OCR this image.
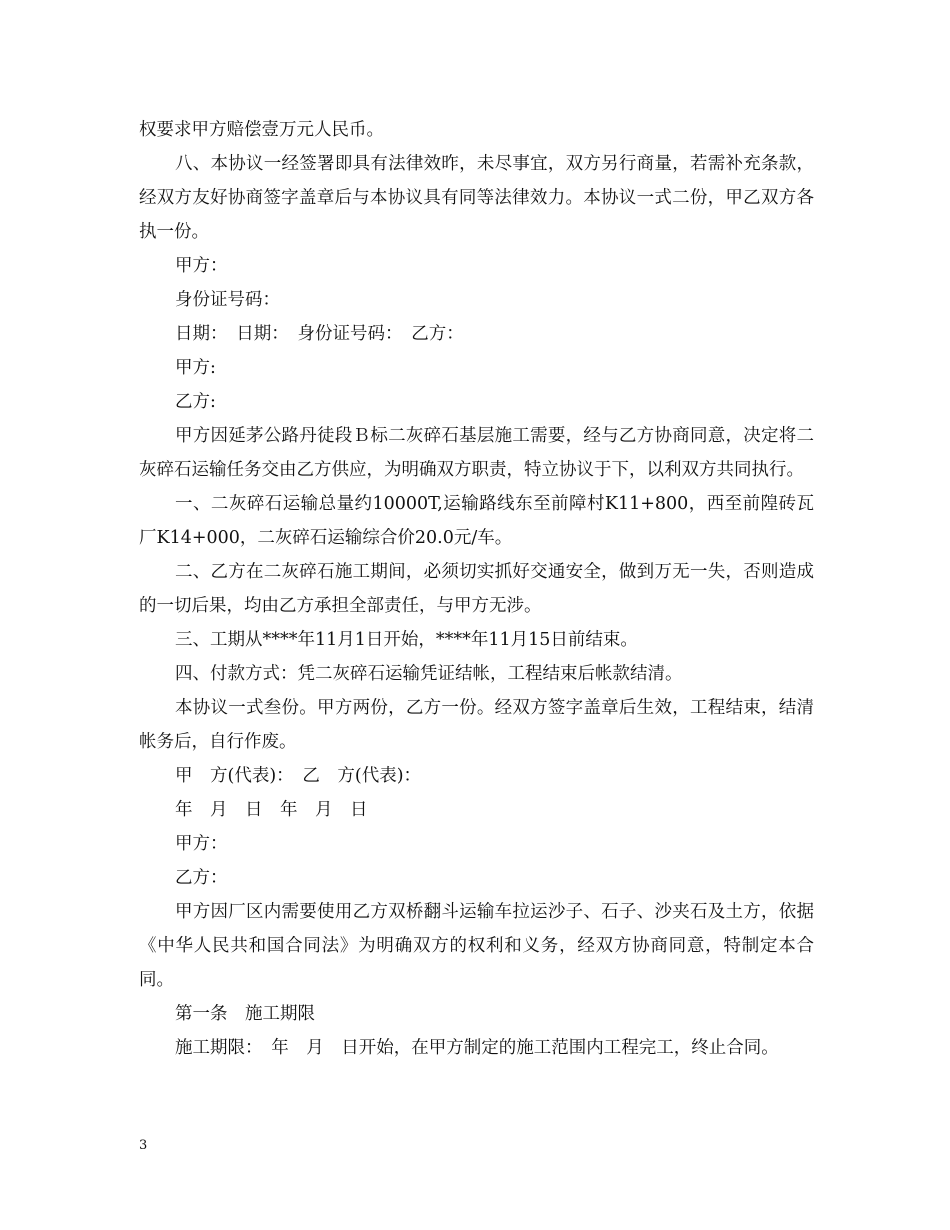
权要求甲方赔偿壹万元人民币。

八、本协议一经签署即具有法律效昨，未尽事宜，双方另行商量，若需补充条款，经双方友好协商签字盖章后与本协议具有同等法律效力。本协议一式二份，甲乙双方各执一份。

甲方：

身份证号码：

日期：　日期：　身份证号码：　乙方：

甲方:

乙方:

甲方因延茅公路丹徒段Ｂ标二灰碎石基层施工需要，经与乙方协商同意，决定将二灰碎石运输任务交由乙方供应，为明确双方职责，特立协议于下，以利双方共同执行。

一、二灰碎石运输总量约10000T,运输路线东至前障村K11+800，西至前隍砖瓦厂K14+000，二灰碎石运输综合价20.0元/车。

二、乙方在二灰碎石施工期间，必须切实抓好交通安全，做到万无一失，否则造成的一切后果，均由乙方承担全部责任，与甲方无涉。

三、工期从****年11月1日开始，****年11月15日前结束。

四、付款方式：凭二灰碎石运输凭证结帐，工程结束后帐款结清。

本协议一式叁份。甲方两份，乙方一份。经双方签字盖章后生效，工程结束，结清帐务后，自行作废。

甲　方(代表)：　乙　方(代表)：

年　月　日　年　月　日

甲方：

乙方：

甲方因厂区内需要使用乙方双桥翻斗运输车拉运沙子、石子、沙夹石及土方，依据《中华人民共和国合同法》为明确双方的权利和义务，经双方协商同意，特制定本合同。

第一条　施工期限

施工期限：　年　月　日开始，在甲方制定的施工范围内工程完工，终止合同。

3
